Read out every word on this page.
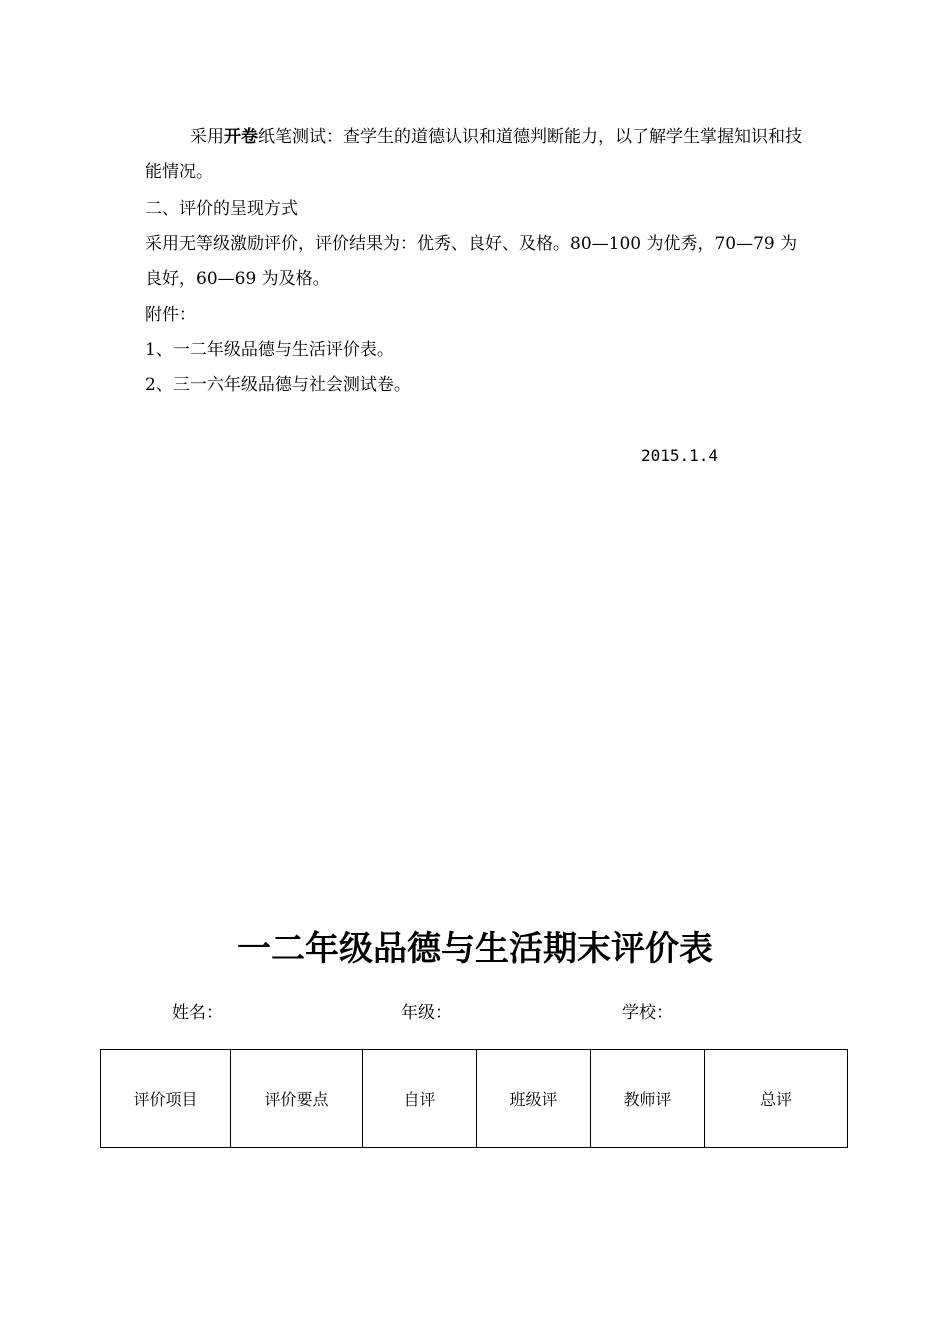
采用开卷纸笔测试：查学生的道德认识和道德判断能力，以了解学生掌握知识和技能情况。

二、评价的呈现方式

采用无等级激励评价，评价结果为：优秀、良好、及格。80—100 为优秀，70—79 为良好，60—69 为及格。

附件：

1、一二年级品德与生活评价表。

2、三一六年级品德与社会测试卷。

2015.1.4
一二年级品德与生活期末评价表
姓名：	年级：	学校：
评价项目	评价要点	自评	班级评	教师评	总评
